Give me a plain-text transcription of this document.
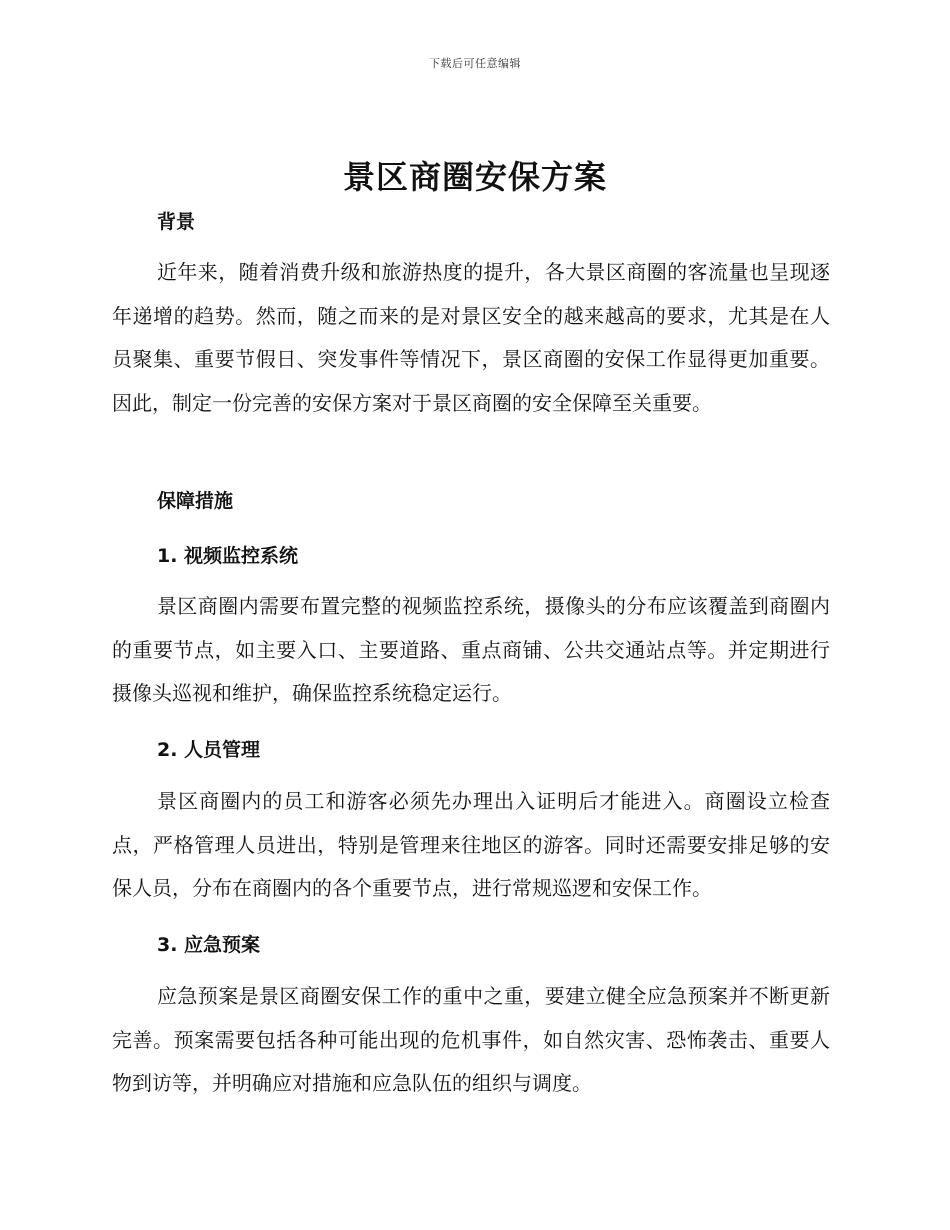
下载后可任意编辑
景区商圈安保方案
背景

近年来，随着消费升级和旅游热度的提升，各大景区商圈的客流量也呈现逐年递增的趋势。然而，随之而来的是对景区安全的越来越高的要求，尤其是在人员聚集、重要节假日、突发事件等情况下，景区商圈的安保工作显得更加重要。因此，制定一份完善的安保方案对于景区商圈的安全保障至关重要。

保障措施
1. 视频监控系统

景区商圈内需要布置完整的视频监控系统，摄像头的分布应该覆盖到商圈内的重要节点，如主要入口、主要道路、重点商铺、公共交通站点等。并定期进行摄像头巡视和维护，确保监控系统稳定运行。

2. 人员管理

景区商圈内的员工和游客必须先办理出入证明后才能进入。商圈设立检查点，严格管理人员进出，特别是管理来往地区的游客。同时还需要安排足够的安保人员，分布在商圈内的各个重要节点，进行常规巡逻和安保工作。

3. 应急预案

应急预案是景区商圈安保工作的重中之重，要建立健全应急预案并不断更新完善。预案需要包括各种可能出现的危机事件，如自然灾害、恐怖袭击、重要人物到访等，并明确应对措施和应急队伍的组织与调度。
